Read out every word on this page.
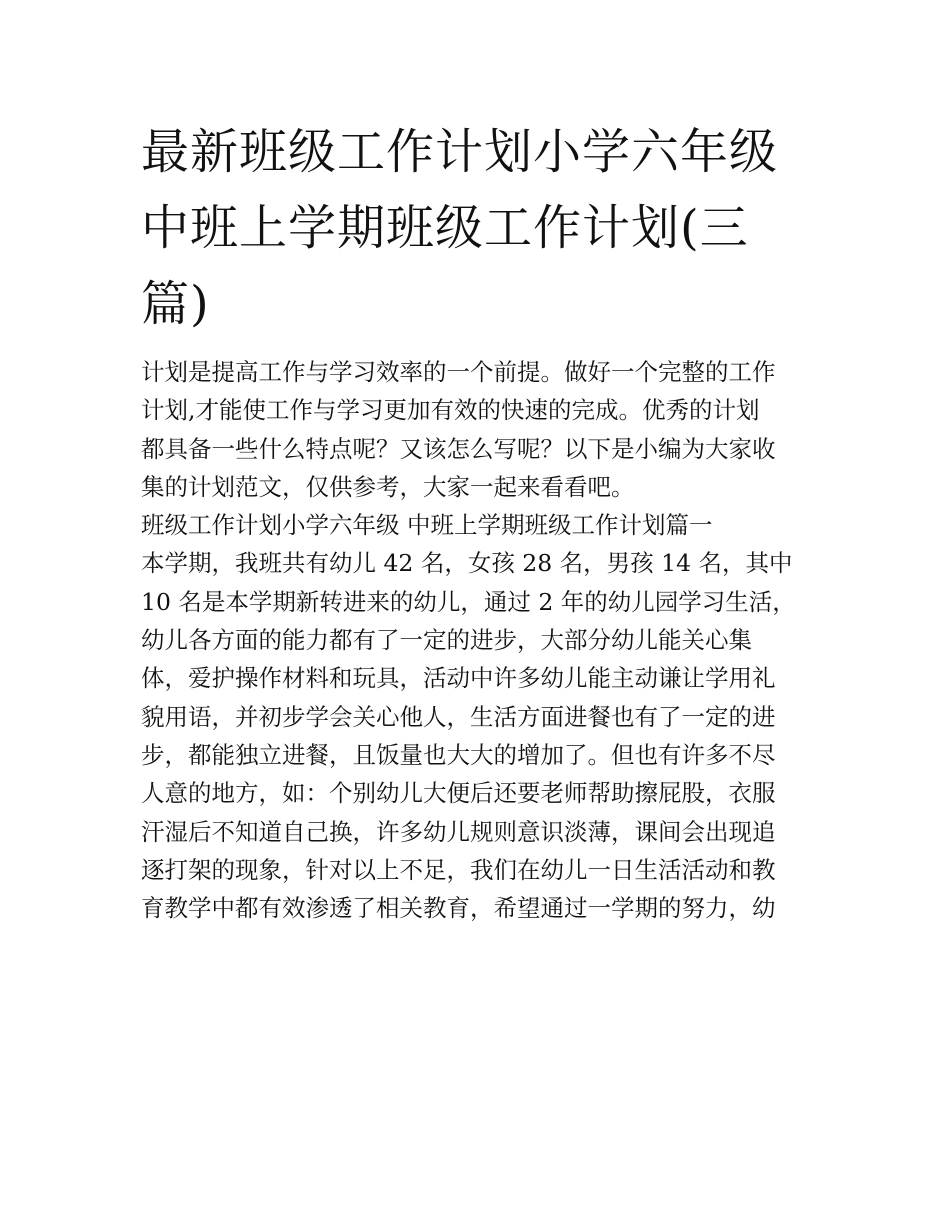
最新班级工作计划小学六年级
中班上学期班级工作计划(三
篇)
计划是提高工作与学习效率的一个前提。做好一个完整的工作
计划,才能使工作与学习更加有效的快速的完成。优秀的计划
都具备一些什么特点呢？又该怎么写呢？以下是小编为大家收
集的计划范文，仅供参考，大家一起来看看吧。
班级工作计划小学六年级 中班上学期班级工作计划篇一
本学期，我班共有幼儿 42 名，女孩 28 名，男孩 14 名，其中
10 名是本学期新转进来的幼儿，通过 2 年的幼儿园学习生活，
幼儿各方面的能力都有了一定的进步，大部分幼儿能关心集
体，爱护操作材料和玩具，活动中许多幼儿能主动谦让学用礼
貌用语，并初步学会关心他人，生活方面进餐也有了一定的进
步，都能独立进餐，且饭量也大大的增加了。但也有许多不尽
人意的地方，如：个别幼儿大便后还要老师帮助擦屁股，衣服
汗湿后不知道自己换，许多幼儿规则意识淡薄，课间会出现追
逐打架的现象，针对以上不足，我们在幼儿一日生活活动和教
育教学中都有效渗透了相关教育，希望通过一学期的努力，幼
